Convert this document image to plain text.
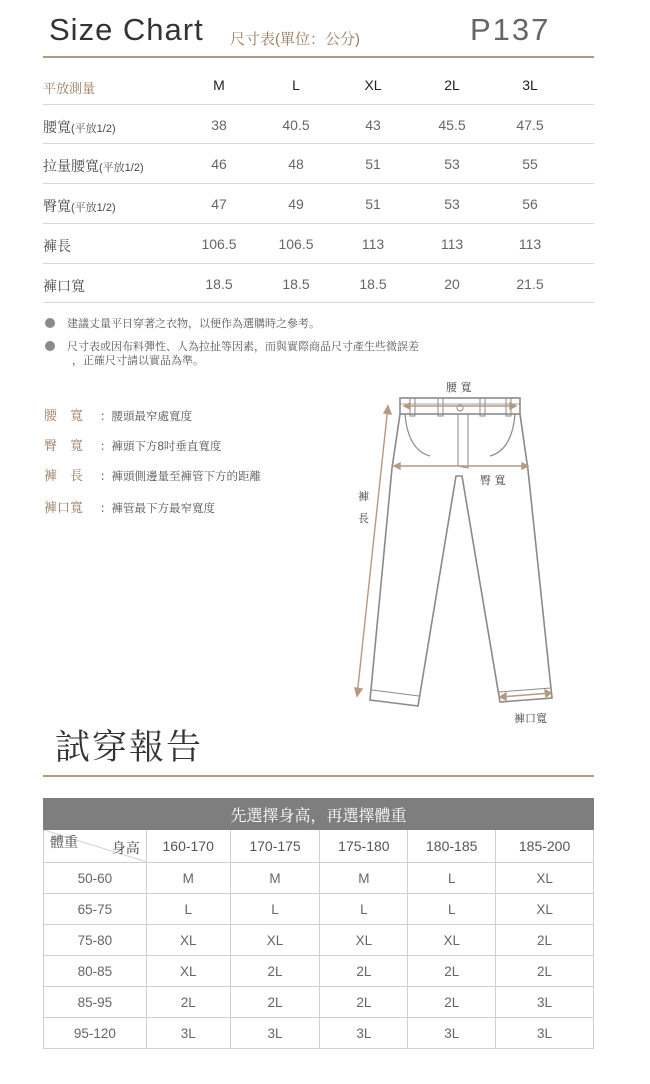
Size Chart 尺寸表(單位：公分)	P137
平放測量	M	L	XL	2L	3L
腰寬(平放1/2)	38	40.5	43	45.5	47.5
拉量腰寬(平放1/2)	46	48	51	53	55
臀寬(平放1/2)	47	49	51	53	56
褲長	106.5	106.5	113	113	113
褲口寬	18.5	18.5	18.5	20	21.5
建議丈量平日穿著之衣物，以便作為選購時之參考。
尺寸表或因布料彈性、人為拉扯等因素，而與實際商品尺寸產生些微誤差
，正確尺寸請以實品為準。
腰　寬 ：腰頭最窄處寬度
臀　寬 ：褲頭下方8吋垂直寬度
褲　長 ：褲頭側邊量至褲管下方的距離
褲口寬 ：褲管最下方最窄寬度
腰 寬
臀 寬
褲
長
褲口寬
試穿報告
先選擇身高，再選擇體重					

體重 身高	160-170	170-175	175-180	180-185	185-200
50-60	M	M	M	L	XL
65-75	L	L	L	L	XL
75-80	XL	XL	XL	XL	2L
80-85	XL	2L	2L	2L	2L
85-95	2L	2L	2L	2L	3L
95-120	3L	3L	3L	3L	3L
